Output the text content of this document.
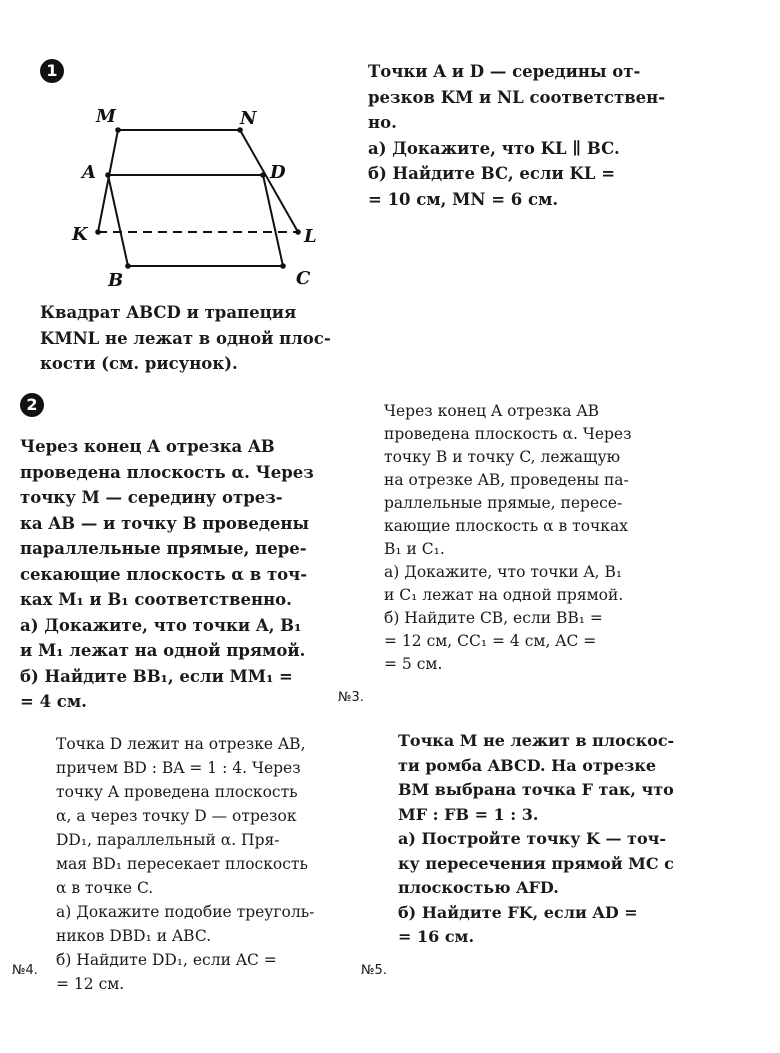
1
M	N
A	D
K	L
B	C

Квадрат ABCD и трапеция

KMNL не лежат в одной плос-

кости (см. рисунок).

Точки A и D — середины от-

резков KM и NL соответствен-

но.

а) Докажите, что KL ∥ BC.

б) Найдите BC, если KL =

= 10 см, MN = 6 см.

2

Через конец A отрезка AB

проведена плоскость α. Через

точку M — середину отрез-

ка AB — и точку B проведены

параллельные прямые, пере-

секающие плоскость α в точ-

ках M₁ и B₁ соответственно.

а) Докажите, что точки A, B₁

и M₁ лежат на одной прямой.

б) Найдите BB₁, если MM₁ =

= 4 см.

Через конец A отрезка AB

проведена плоскость α. Через

точку B и точку C, лежащую

на отрезке AB, проведены па-

раллельные прямые, пересе-

кающие плоскость α в точках

B₁ и C₁.

а) Докажите, что точки A, B₁

и C₁ лежат на одной прямой.

б) Найдите CB, если BB₁ =

= 12 см, CC₁ = 4 см, AC =

= 5 см.

№3.

Точка D лежит на отрезке AB,

причем BD : BA = 1 : 4. Через

точку A проведена плоскость

α, а через точку D — отрезок

DD₁, параллельный α. Пря-

мая BD₁ пересекает плоскость

α в точке C.

а) Докажите подобие треуголь-

ников DBD₁ и ABC.

б) Найдите DD₁, если AC =

= 12 см.

№4.

Точка M не лежит в плоскос-

ти ромба ABCD. На отрезке

BM выбрана точка F так, что

MF : FB = 1 : 3.

а) Постройте точку K — точ-

ку пересечения прямой MC с

плоскостью AFD.

б) Найдите FK, если AD =

= 16 см.

№5.
